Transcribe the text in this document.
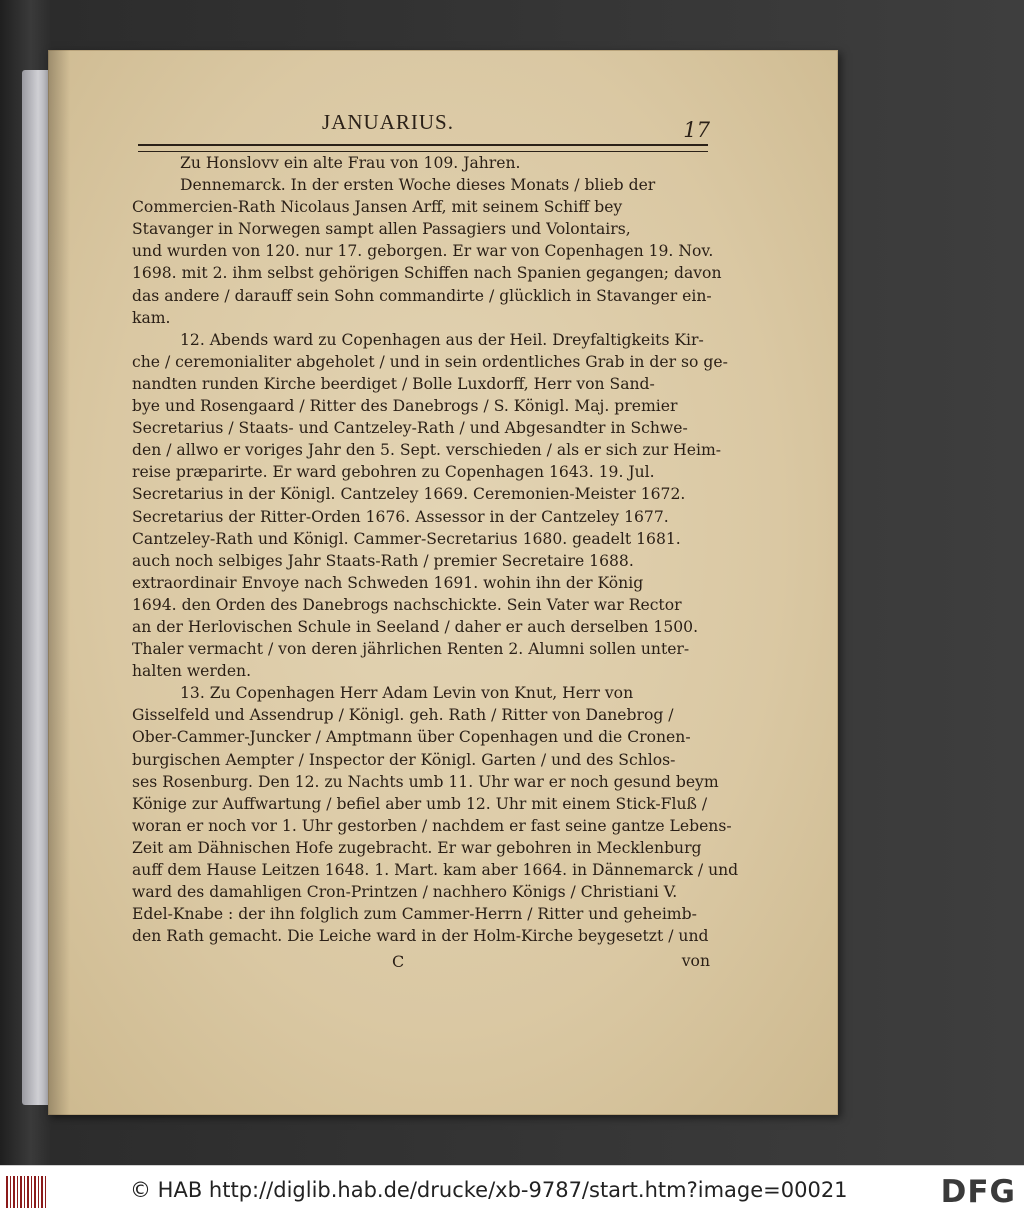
JANUARIUS.	17
Zu Honslovv ein alte Frau von 109. Jahren.
Dennemarck. In der ersten Woche dieses Monats / blieb der
Commercien-Rath Nicolaus Jansen Arff, mit seinem Schiff bey
Stavanger in Norwegen sampt allen Passagiers und Volontairs,
und wurden von 120. nur 17. geborgen. Er war von Copenhagen 19. Nov.
1698. mit 2. ihm selbst gehörigen Schiffen nach Spanien gegangen; davon
das andere / darauff sein Sohn commandirte / glücklich in Stavanger ein-
kam.
12. Abends ward zu Copenhagen aus der Heil. Dreyfaltigkeits Kir-
che / ceremonialiter abgeholet / und in sein ordentliches Grab in der so ge-
nandten runden Kirche beerdiget / Bolle Luxdorff, Herr von Sand-
bye und Rosengaard / Ritter des Danebrogs / S. Königl. Maj. premier
Secretarius / Staats- und Cantzeley-Rath / und Abgesandter in Schwe-
den / allwo er voriges Jahr den 5. Sept. verschieden / als er sich zur Heim-
reise præparirte. Er ward gebohren zu Copenhagen 1643. 19. Jul.
Secretarius in der Königl. Cantzeley 1669. Ceremonien-Meister 1672.
Secretarius der Ritter-Orden 1676. Assessor in der Cantzeley 1677.
Cantzeley-Rath und Königl. Cammer-Secretarius 1680. geadelt 1681.
auch noch selbiges Jahr Staats-Rath / premier Secretaire 1688.
extraordinair Envoye nach Schweden 1691. wohin ihn der König
1694. den Orden des Danebrogs nachschickte. Sein Vater war Rector
an der Herlovischen Schule in Seeland / daher er auch derselben 1500.
Thaler vermacht / von deren jährlichen Renten 2. Alumni sollen unter-
halten werden.
13. Zu Copenhagen Herr Adam Levin von Knut, Herr von
Gisselfeld und Assendrup / Königl. geh. Rath / Ritter von Danebrog /
Ober-Cammer-Juncker / Amptmann über Copenhagen und die Cronen-
burgischen Aempter / Inspector der Königl. Garten / und des Schlos-
ses Rosenburg. Den 12. zu Nachts umb 11. Uhr war er noch gesund beym
Könige zur Auffwartung / befiel aber umb 12. Uhr mit einem Stick-Fluß /
woran er noch vor 1. Uhr gestorben / nachdem er fast seine gantze Lebens-
Zeit am Dähnischen Hofe zugebracht. Er war gebohren in Mecklenburg
auff dem Hause Leitzen 1648. 1. Mart. kam aber 1664. in Dännemarck / und
ward des damahligen Cron-Printzen / nachhero Königs / Christiani V.
Edel-Knabe : der ihn folglich zum Cammer-Herrn / Ritter und geheimb-
den Rath gemacht. Die Leiche ward in der Holm-Kirche beygesetzt / und
C	von
© HAB http://diglib.hab.de/drucke/xb-9787/start.htm?image=00021	DFG
